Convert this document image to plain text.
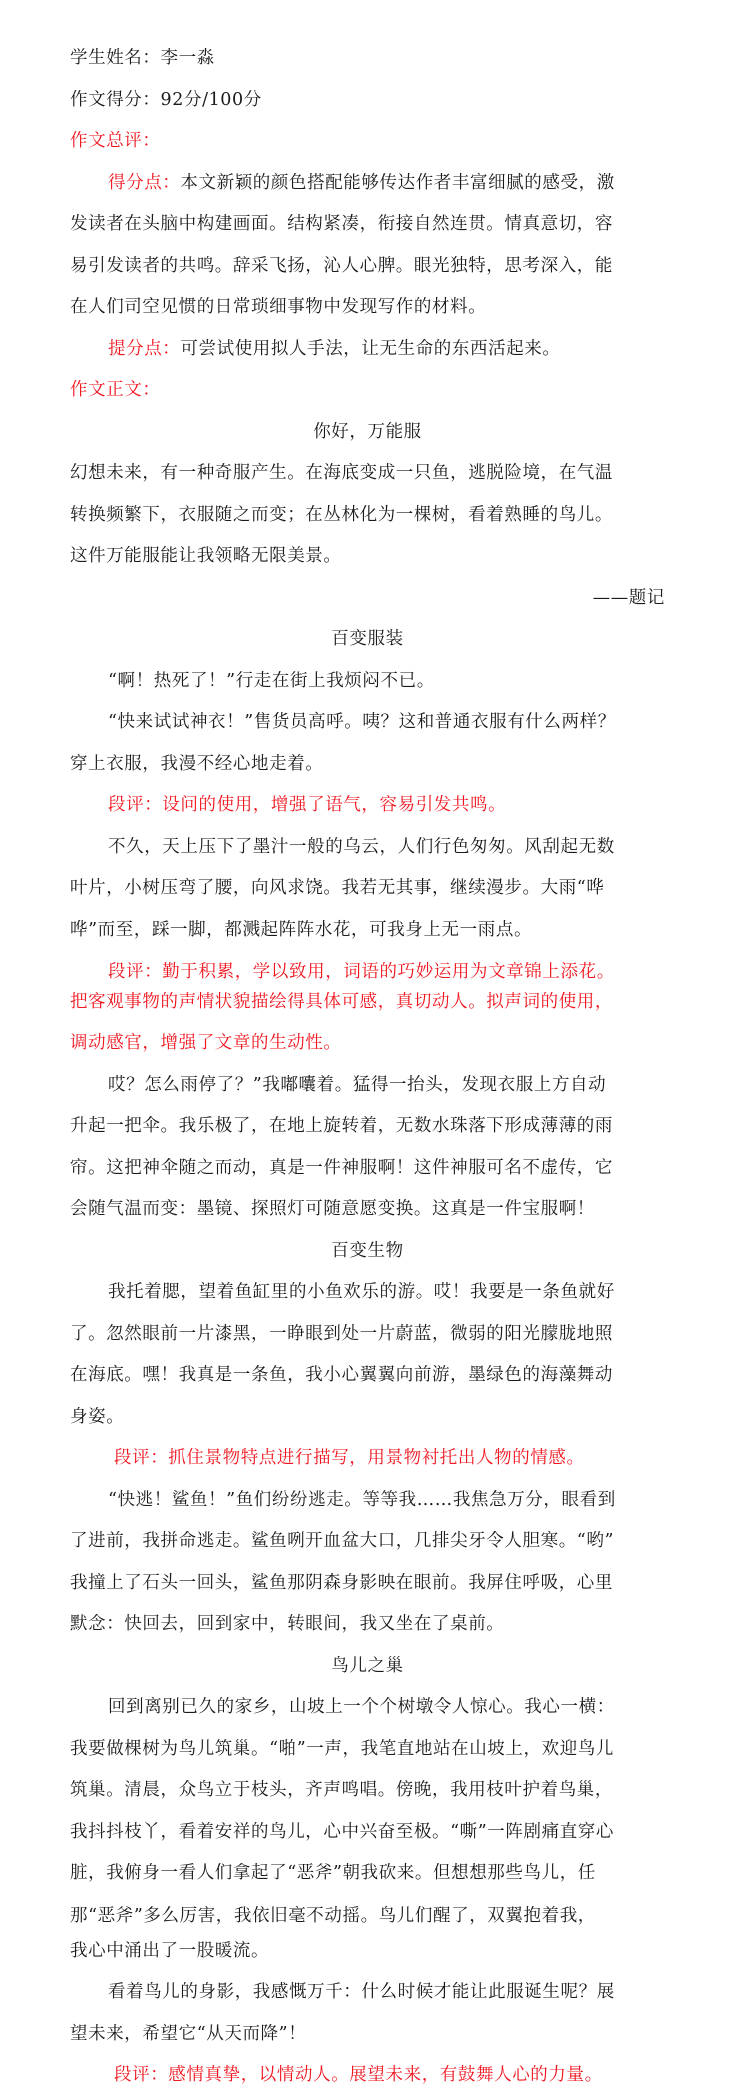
学生姓名：李一淼
作文得分：92分/100分
作文总评：
得分点：本文新颖的颜色搭配能够传达作者丰富细腻的感受，激
发读者在头脑中构建画面。结构紧凑，衔接自然连贯。情真意切，容
易引发读者的共鸣。辞采飞扬，沁人心脾。眼光独特，思考深入，能
在人们司空见惯的日常琐细事物中发现写作的材料。
提分点：可尝试使用拟人手法，让无生命的东西活起来。
作文正文：
你好，万能服
幻想未来，有一种奇服产生。在海底变成一只鱼，逃脱险境，在气温
转换频繁下，衣服随之而变；在丛林化为一棵树，看着熟睡的鸟儿。
这件万能服能让我领略无限美景。
——题记
百变服装
“啊！热死了！”行走在街上我烦闷不已。
“快来试试神衣！”售货员高呼。咦？这和普通衣服有什么两样？
穿上衣服，我漫不经心地走着。
段评：设问的使用，增强了语气，容易引发共鸣。
不久，天上压下了墨汁一般的乌云，人们行色匆匆。风刮起无数
叶片，小树压弯了腰，向风求饶。我若无其事，继续漫步。大雨“哗
哗”而至，踩一脚，都溅起阵阵水花，可我身上无一雨点。
段评：勤于积累，学以致用，词语的巧妙运用为文章锦上添花。
把客观事物的声情状貌描绘得具体可感，真切动人。拟声词的使用，
调动感官，增强了文章的生动性。
哎？怎么雨停了？”我嘟囔着。猛得一抬头，发现衣服上方自动
升起一把伞。我乐极了，在地上旋转着，无数水珠落下形成薄薄的雨
帘。这把神伞随之而动，真是一件神服啊！这件神服可名不虚传，它
会随气温而变：墨镜、探照灯可随意愿变换。这真是一件宝服啊！
百变生物
我托着腮，望着鱼缸里的小鱼欢乐的游。哎！我要是一条鱼就好
了。忽然眼前一片漆黑，一睁眼到处一片蔚蓝，微弱的阳光朦胧地照
在海底。嘿！我真是一条鱼，我小心翼翼向前游，墨绿色的海藻舞动
身姿。
段评：抓住景物特点进行描写，用景物衬托出人物的情感。
“快逃！鲨鱼！”鱼们纷纷逃走。等等我……我焦急万分，眼看到
了进前，我拼命逃走。鲨鱼咧开血盆大口，几排尖牙令人胆寒。“哟”
我撞上了石头一回头，鲨鱼那阴森身影映在眼前。我屏住呼吸，心里
默念：快回去，回到家中，转眼间，我又坐在了桌前。
鸟儿之巢
回到离别已久的家乡，山坡上一个个树墩令人惊心。我心一横：
我要做棵树为鸟儿筑巢。“啪”一声，我笔直地站在山坡上，欢迎鸟儿
筑巢。清晨，众鸟立于枝头，齐声鸣唱。傍晚，我用枝叶护着鸟巢，
我抖抖枝丫，看着安祥的鸟儿，心中兴奋至极。“嘶”一阵剧痛直穿心
脏，我俯身一看人们拿起了“恶斧”朝我砍来。但想想那些鸟儿，任
那“恶斧”多么厉害，我依旧毫不动摇。鸟儿们醒了，双翼抱着我，
我心中涌出了一股暖流。
看着鸟儿的身影，我感慨万千：什么时候才能让此服诞生呢？展
望未来，希望它“从天而降”！
段评：感情真挚，以情动人。展望未来，有鼓舞人心的力量。
